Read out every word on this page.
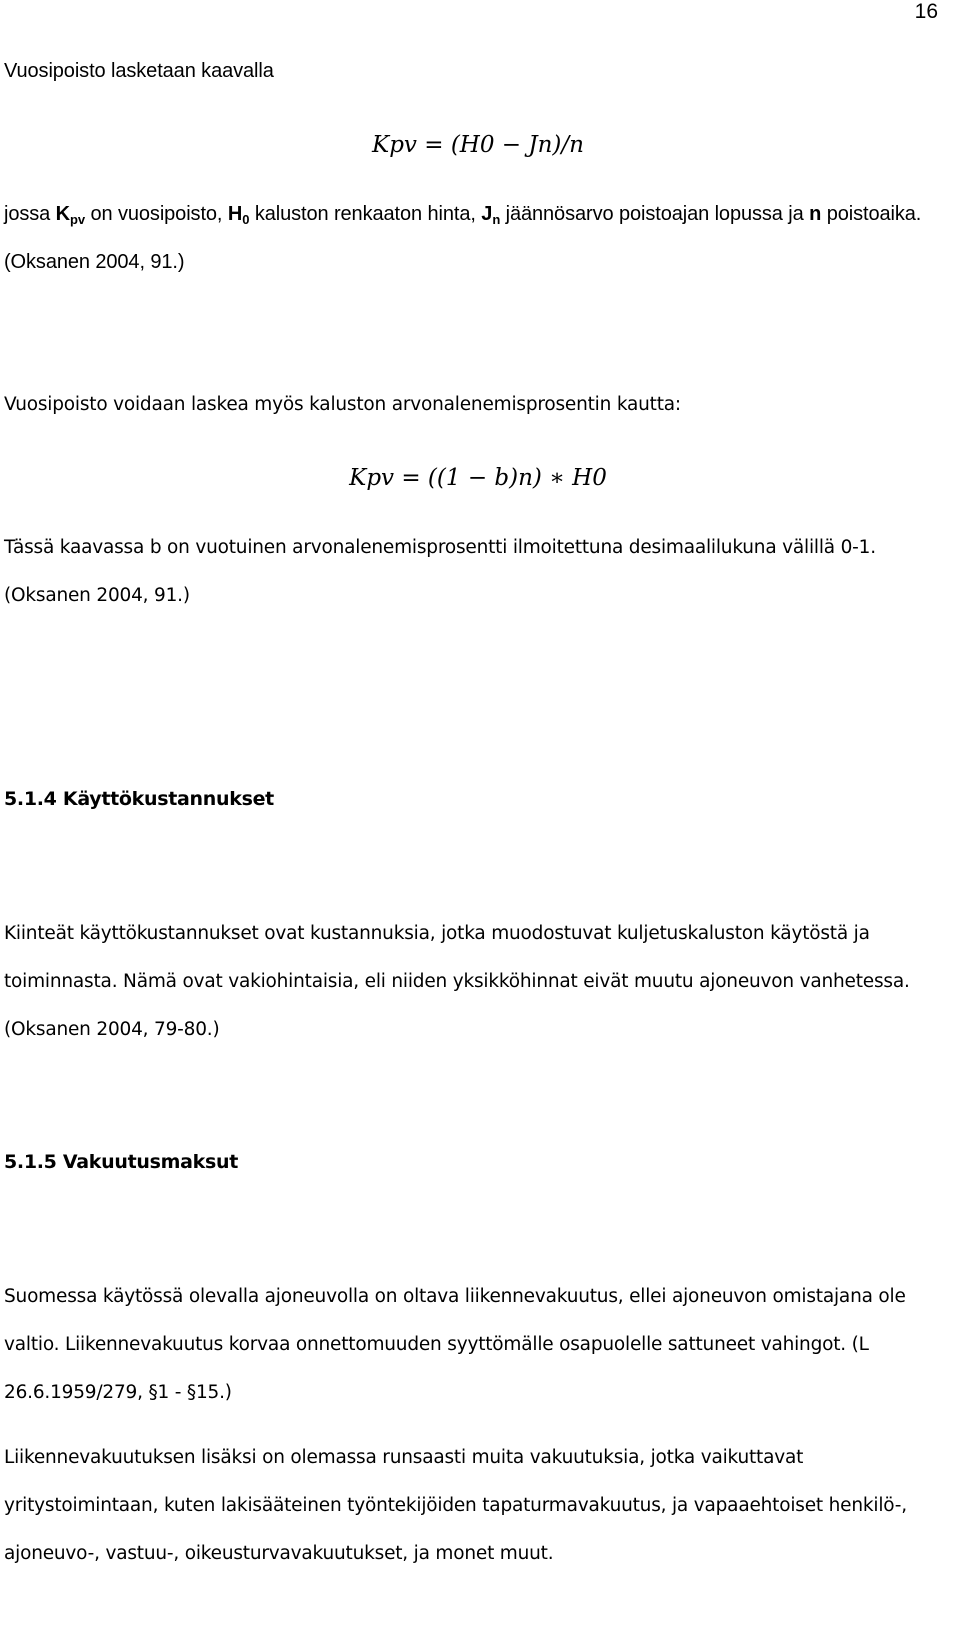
16

Vuosipoisto lasketaan kaavalla

Kpv = (H0 − Jn)/n

jossa $K_{pv}$ on vuosipoisto, $H_0$ kaluston renkaaton hinta, $J_n$ jäännösarvo poistoajan lopussa ja n poistoaika. (Oksanen 2004, 91.)

Vuosipoisto voidaan laskea myös kaluston arvonalenemisprosentin kautta:

Kpv = ((1 − b)n) ∗ H0

Tässä kaavassa b on vuotuinen arvonalenemisprosentti ilmoitettuna desimaalilukuna välillä 0-1. (Oksanen 2004, 91.)

5.1.4 Käyttökustannukset

Kiinteät käyttökustannukset ovat kustannuksia, jotka muodostuvat kuljetuskaluston käytöstä ja toiminnasta. Nämä ovat vakiohintaisia, eli niiden yksikköhinnat eivät muutu ajoneuvon vanhetessa. (Oksanen 2004, 79-80.)

5.1.5 Vakuutusmaksut

Suomessa käytössä olevalla ajoneuvolla on oltava liikennevakuutus, ellei ajoneuvon omistajana ole valtio. Liikennevakuutus korvaa onnettomuuden syyttömälle osapuolelle sattuneet vahingot. (L 26.6.1959/279, §1 - §15.)

Liikennevakuutuksen lisäksi on olemassa runsaasti muita vakuutuksia, jotka vaikuttavat yritystoimintaan, kuten lakisääteinen työntekijöiden tapaturmavakuutus, ja vapaaehtoiset henkilö-, ajoneuvo-, vastuu-, oikeusturvavakuutukset, ja monet muut.
